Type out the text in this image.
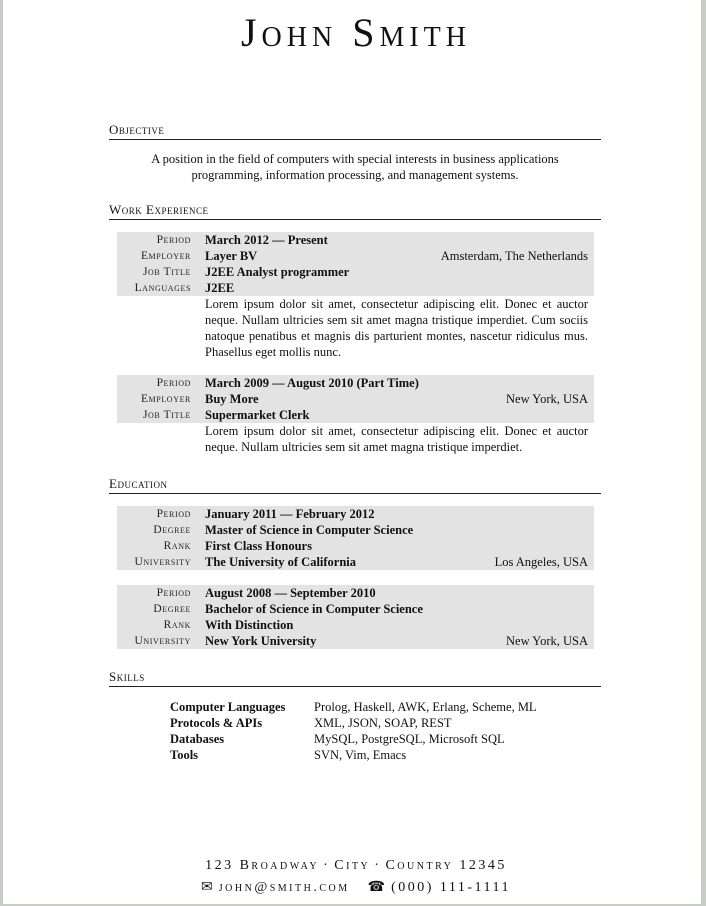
John Smith
Objective
A position in the field of computers with special interests in business applications
programming, information processing, and management systems.
Work Experience
Period	March 2012 — Present
Employer	Layer BV	Amsterdam, The Netherlands
Job Title	J2EE Analyst programmer
Languages	J2EE
Lorem ipsum dolor sit amet, consectetur adipiscing elit. Donec et auctor neque. Nullam ultricies sem sit amet magna tristique imperdiet. Cum sociis natoque penatibus et magnis dis parturient montes, nascetur ridiculus mus. Phasellus eget mollis nunc.
Period	March 2009 — August 2010 (Part Time)
Employer	Buy More	New York, USA
Job Title	Supermarket Clerk
Lorem ipsum dolor sit amet, consectetur adipiscing elit. Donec et auctor neque. Nullam ultricies sem sit amet magna tristique imperdiet.
Education
Period	January 2011 — February 2012
Degree	Master of Science in Computer Science
Rank	First Class Honours
University	The University of California	Los Angeles, USA
Period	August 2008 — September 2010
Degree	Bachelor of Science in Computer Science
Rank	With Distinction
University	New York University	New York, USA
Skills
Computer Languages	Prolog, Haskell, AWK, Erlang, Scheme, ML
Protocols & APIs	XML, JSON, SOAP, REST
Databases	MySQL, PostgreSQL, Microsoft SQL
Tools	SVN, Vim, Emacs
123 Broadway · City · Country 12345
✉ john@smith.com ☎ (000) 111-1111
